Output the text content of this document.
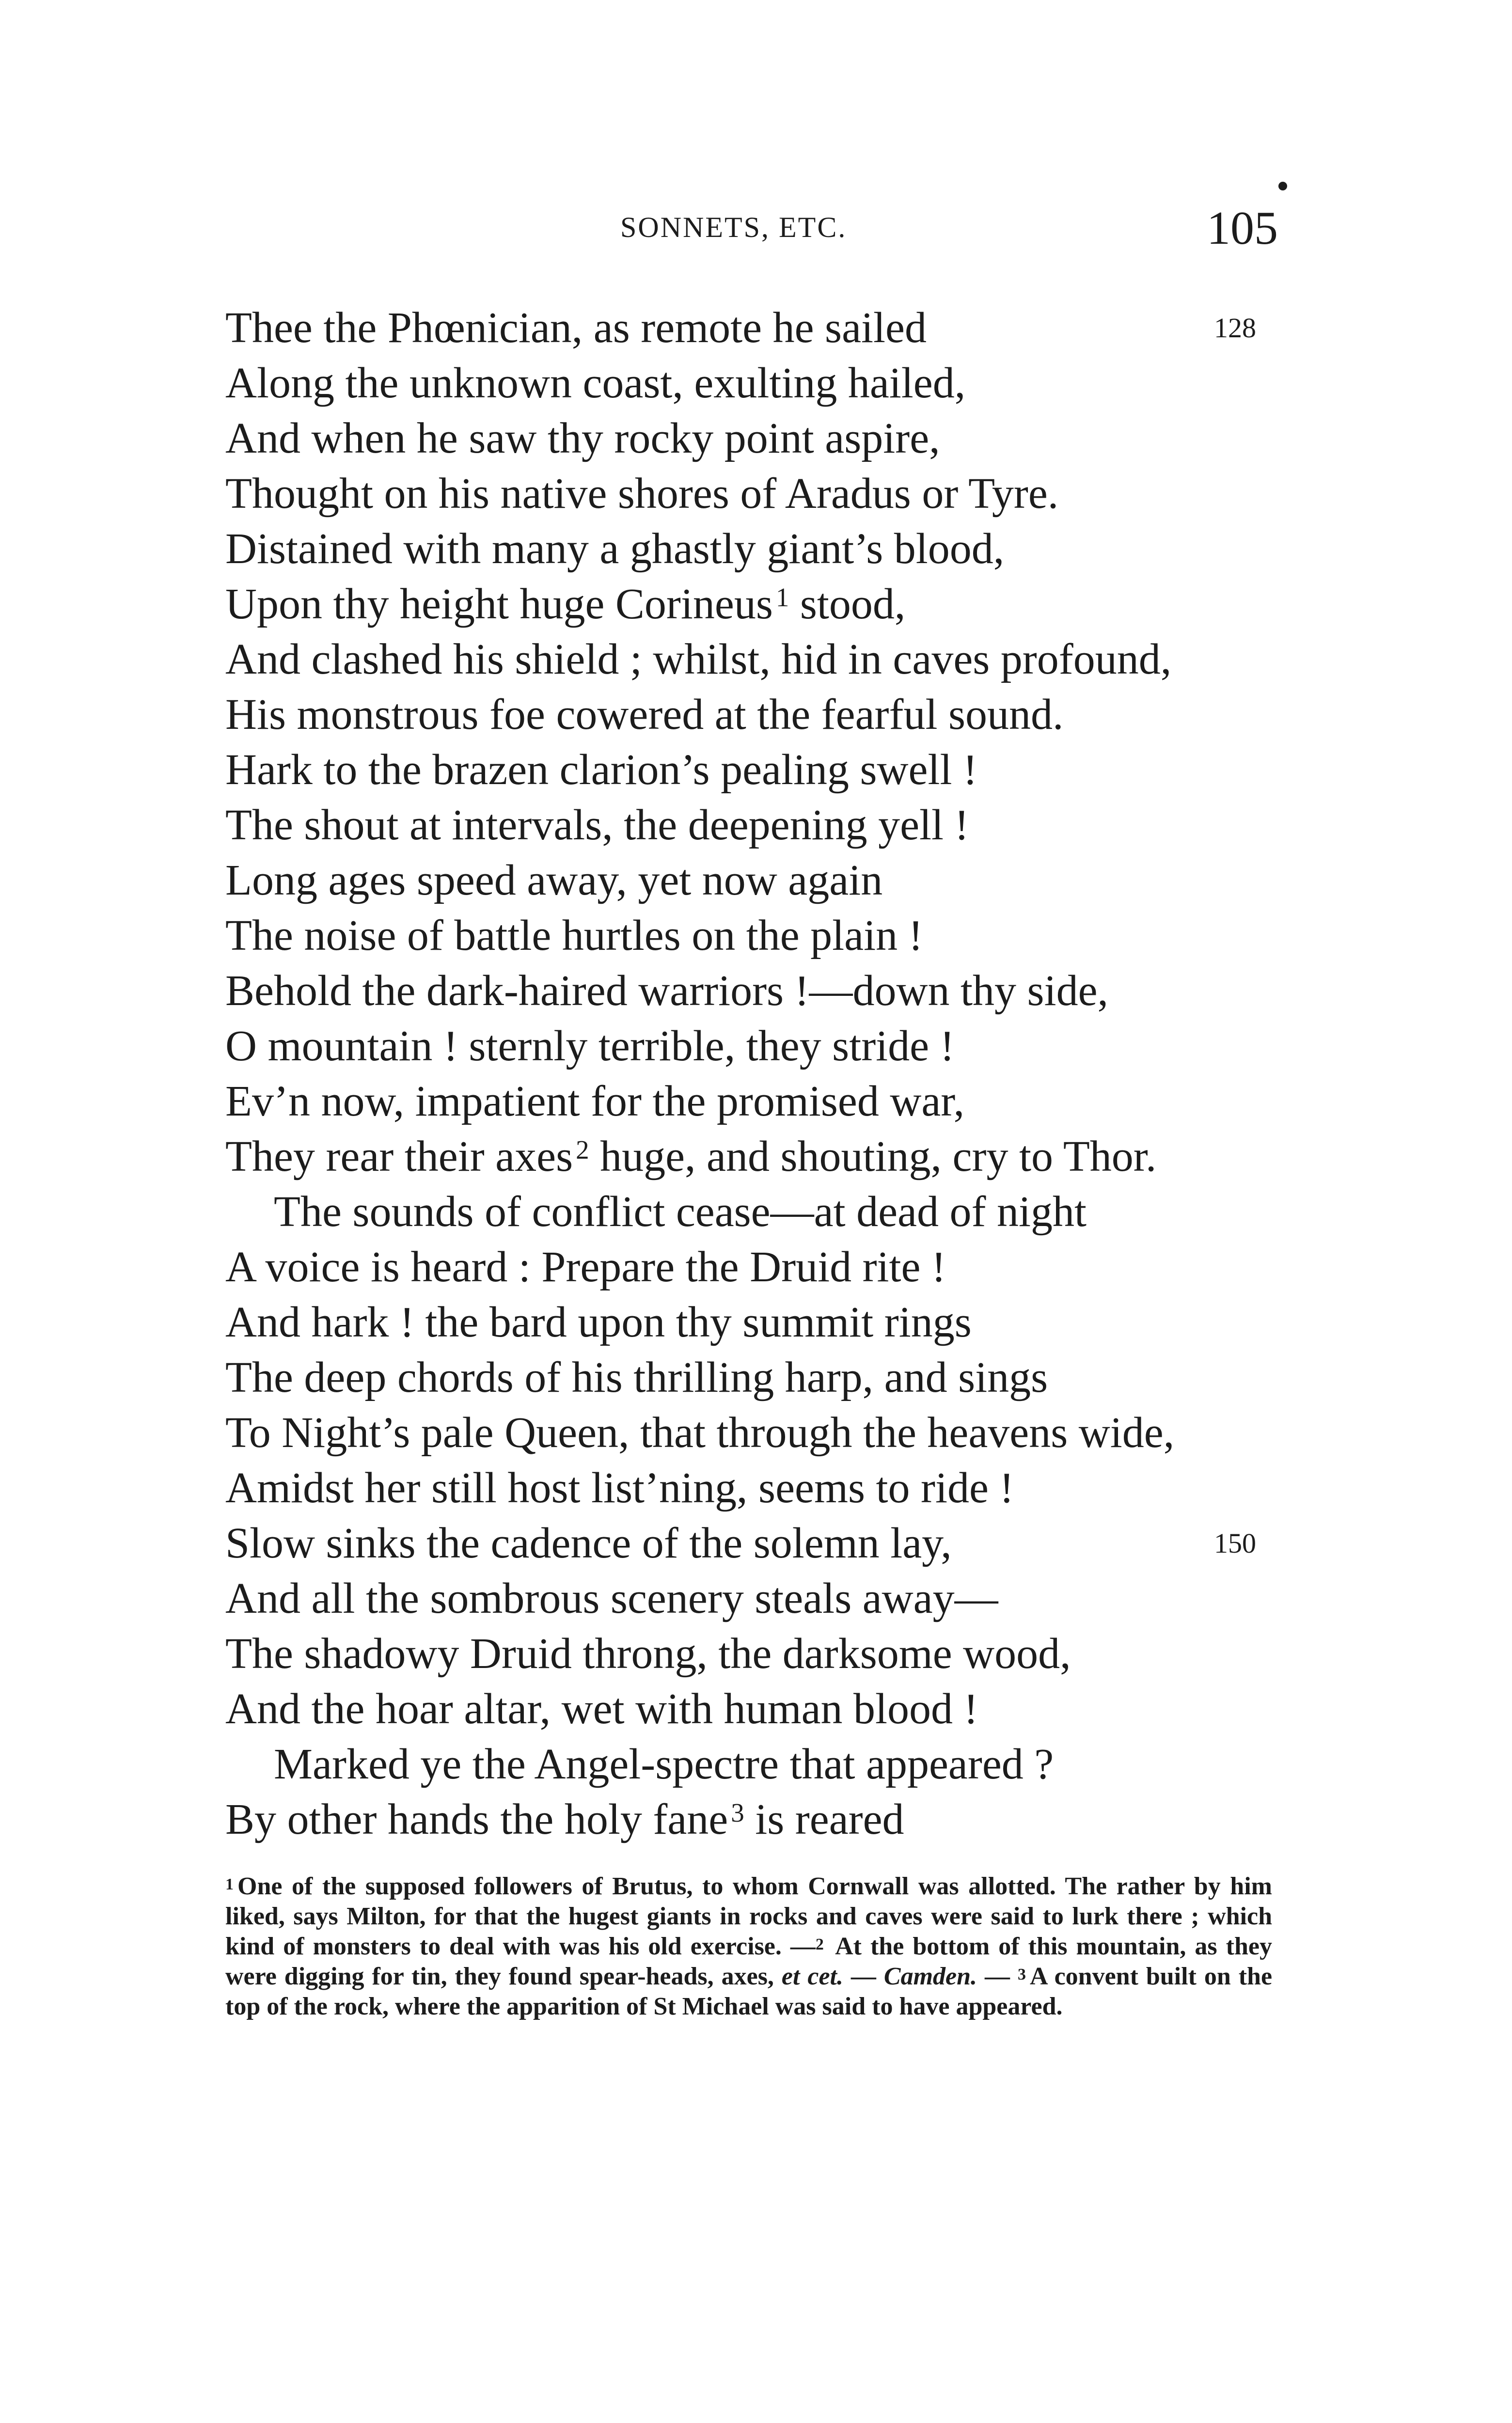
SONNETS, ETC.	105
Thee the Phœnician, as remote he sailed	128
Along the unknown coast, exulting hailed,
And when he saw thy rocky point aspire,
Thought on his native shores of Aradus or Tyre.
Distained with many a ghastly giant’s blood,
Upon thy height huge Corineus $^1$ stood,
And clashed his shield ; whilst, hid in caves profound,
His monstrous foe cowered at the fearful sound.
Hark to the brazen clarion’s pealing swell !
The shout at intervals, the deepening yell !
Long ages speed away, yet now again
The noise of battle hurtles on the plain !
Behold the dark-haired warriors !—down thy side,
O mountain ! sternly terrible, they stride !
Ev’n now, impatient for the promised war,
They rear their axes $^2$ huge, and shouting, cry to Thor.
The sounds of conflict cease—at dead of night
A voice is heard : Prepare the Druid rite !
And hark ! the bard upon thy summit rings
The deep chords of his thrilling harp, and sings
To Night’s pale Queen, that through the heavens wide,
Amidst her still host list’ning, seems to ride !
Slow sinks the cadence of the solemn lay,	150
And all the sombrous scenery steals away—
The shadowy Druid throng, the darksome wood,
And the hoar altar, wet with human blood !
Marked ye the Angel-spectre that appeared ?
By other hands the holy fane $^3$ is reared

$^1$ One of the supposed followers of Brutus, to whom Cornwall was allotted. The rather by him liked, says Milton, for that the hugest giants in rocks and caves were said to lurk there ; which kind of monsters to deal with was his old exercise. —$^2$ At the bottom of this mountain, as they were digging for tin, they found spear-heads, axes, et cet. — Camden. — $^3$ A convent built on the top of the rock, where the apparition of St Michael was said to have appeared.
